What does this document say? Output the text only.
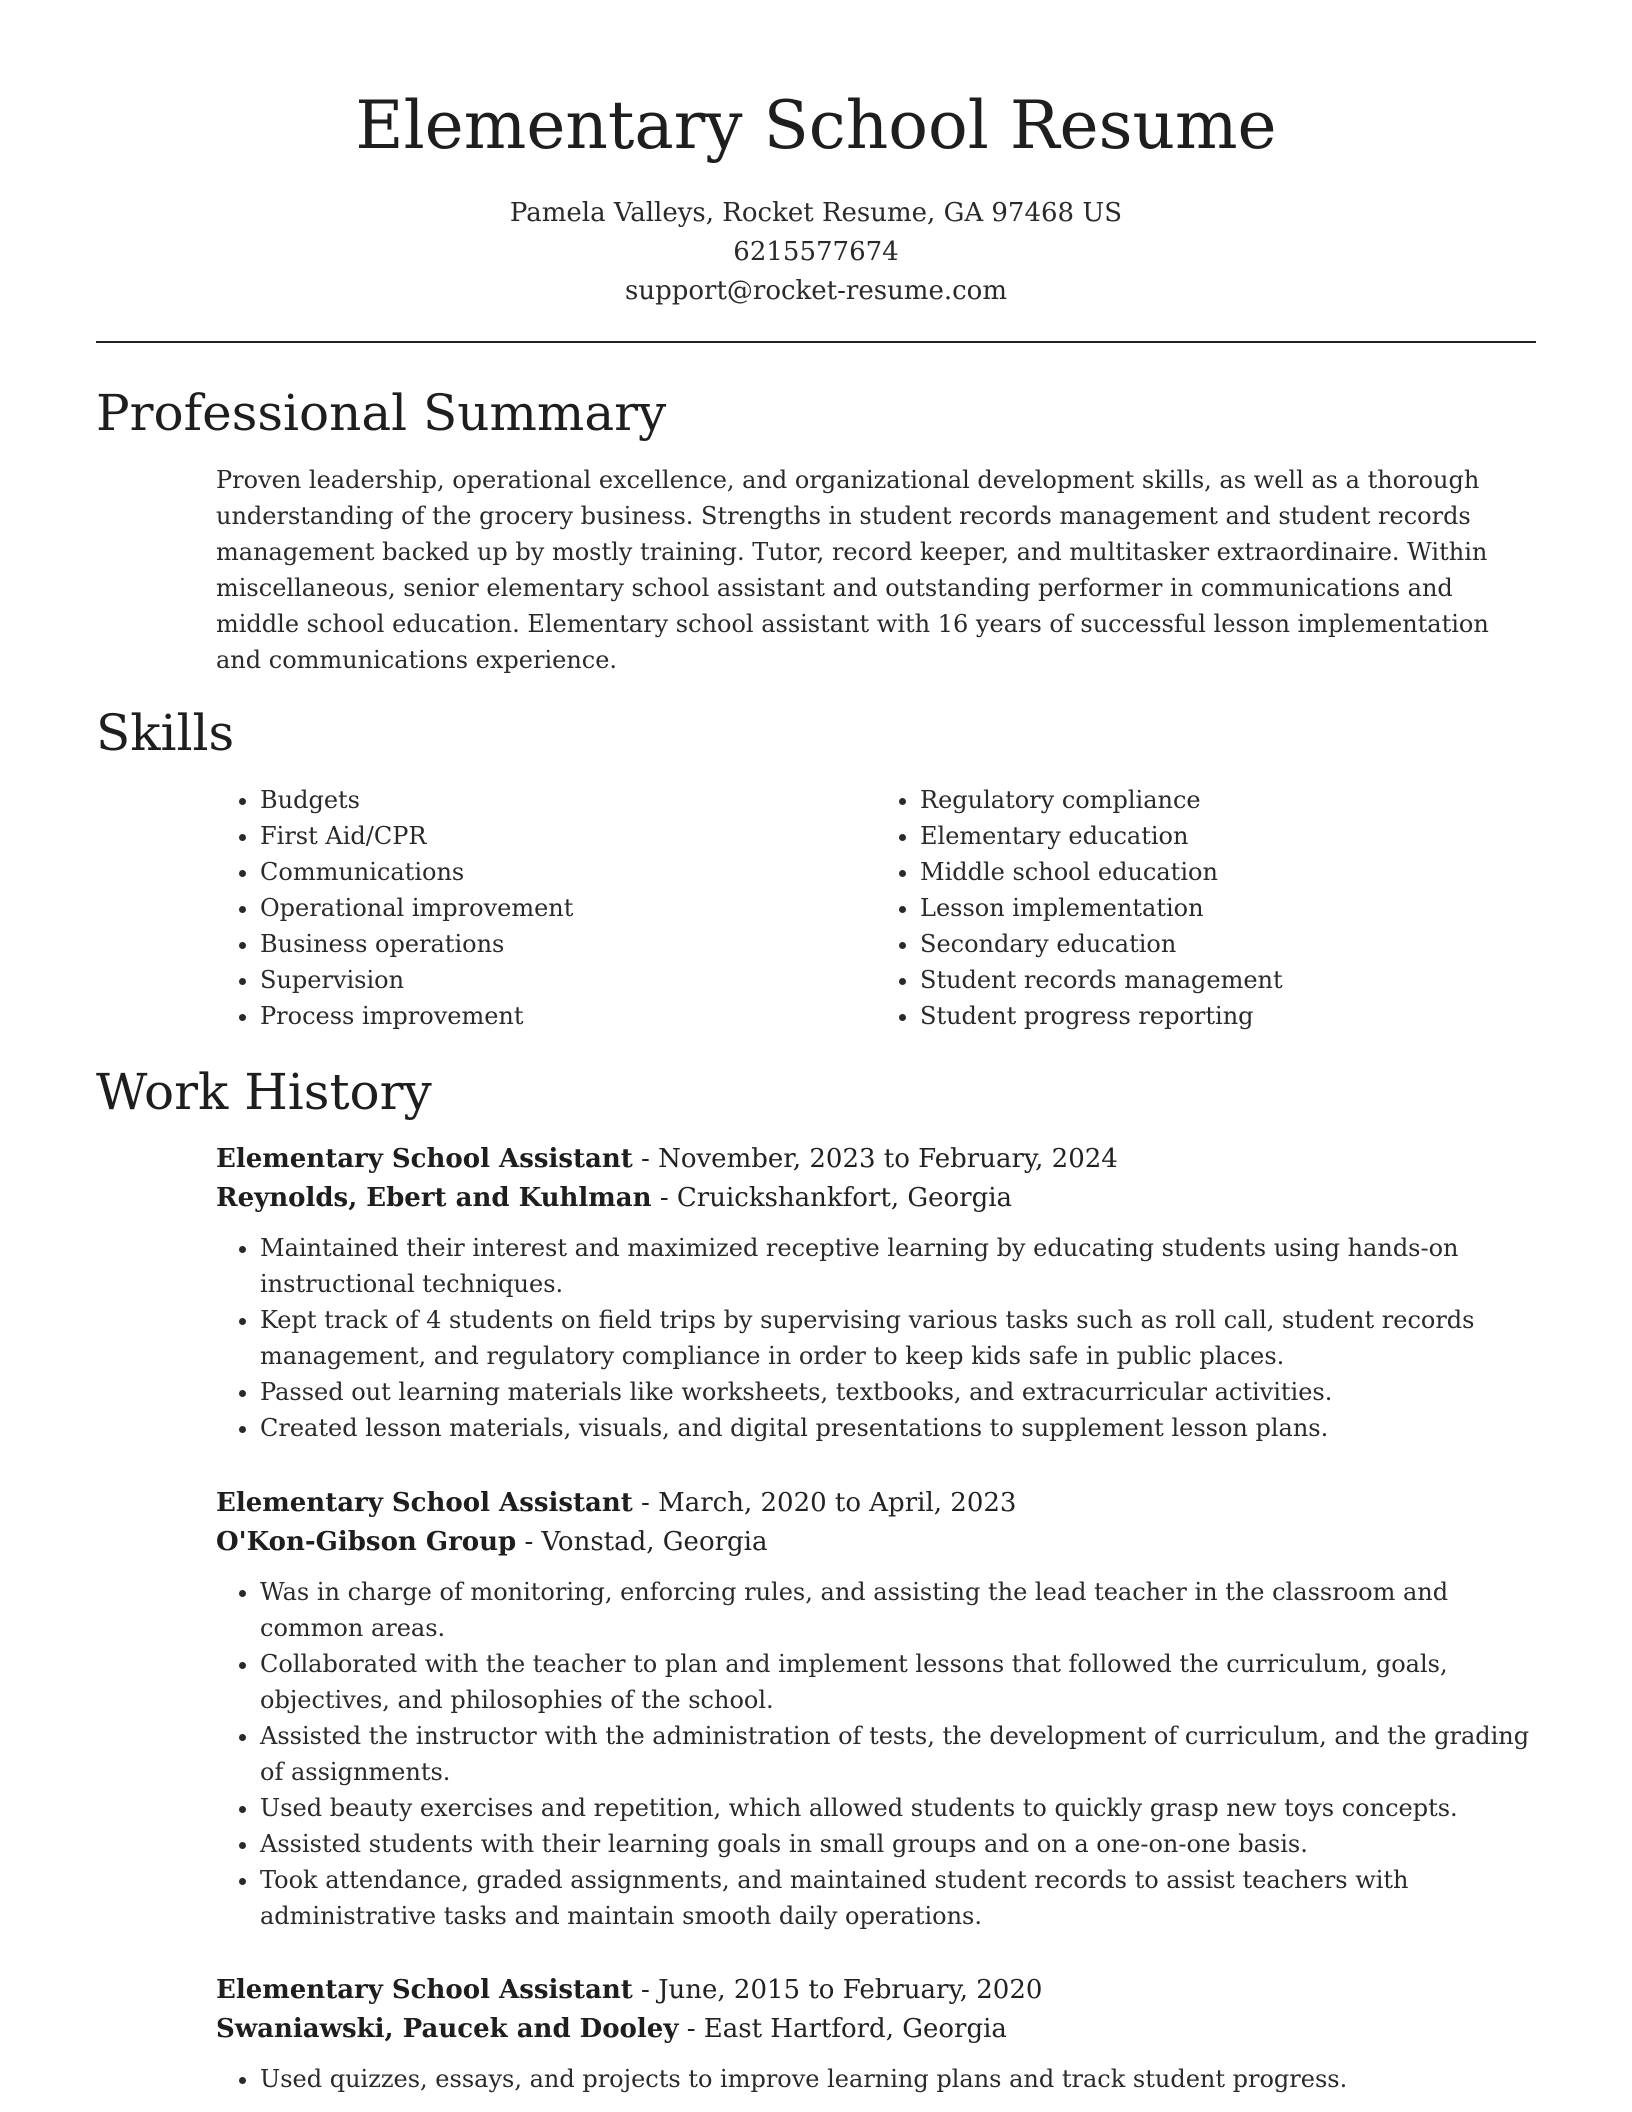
Elementary School Resume
Pamela Valleys, Rocket Resume, GA 97468 US
6215577674
support@rocket-resume.com
Professional Summary

Proven leadership, operational excellence, and organizational development skills, as well as a thorough understanding of the grocery business. Strengths in student records management and student records management backed up by mostly training. Tutor, record keeper, and multitasker extraordinaire. Within miscellaneous, senior elementary school assistant and outstanding performer in communications and middle school education. Elementary school assistant with 16 years of successful lesson implementation and communications experience.

Skills
• Budgets
• First Aid/CPR
• Communications
• Operational improvement
• Business operations
• Supervision
• Process improvement
• Regulatory compliance
• Elementary education
• Middle school education
• Lesson implementation
• Secondary education
• Student records management
• Student progress reporting
Work History
Elementary School Assistant - November, 2023 to February, 2024
Reynolds, Ebert and Kuhlman - Cruickshankfort, Georgia
• Maintained their interest and maximized receptive learning by educating students using hands-on instructional techniques.
• Kept track of 4 students on field trips by supervising various tasks such as roll call, student records management, and regulatory compliance in order to keep kids safe in public places.
• Passed out learning materials like worksheets, textbooks, and extracurricular activities.
• Created lesson materials, visuals, and digital presentations to supplement lesson plans.
Elementary School Assistant - March, 2020 to April, 2023
O'Kon-Gibson Group - Vonstad, Georgia
• Was in charge of monitoring, enforcing rules, and assisting the lead teacher in the classroom and common areas.
• Collaborated with the teacher to plan and implement lessons that followed the curriculum, goals, objectives, and philosophies of the school.
• Assisted the instructor with the administration of tests, the development of curriculum, and the grading of assignments.
• Used beauty exercises and repetition, which allowed students to quickly grasp new toys concepts.
• Assisted students with their learning goals in small groups and on a one-on-one basis.
• Took attendance, graded assignments, and maintained student records to assist teachers with administrative tasks and maintain smooth daily operations.
Elementary School Assistant - June, 2015 to February, 2020
Swaniawski, Paucek and Dooley - East Hartford, Georgia
• Used quizzes, essays, and projects to improve learning plans and track student progress.
